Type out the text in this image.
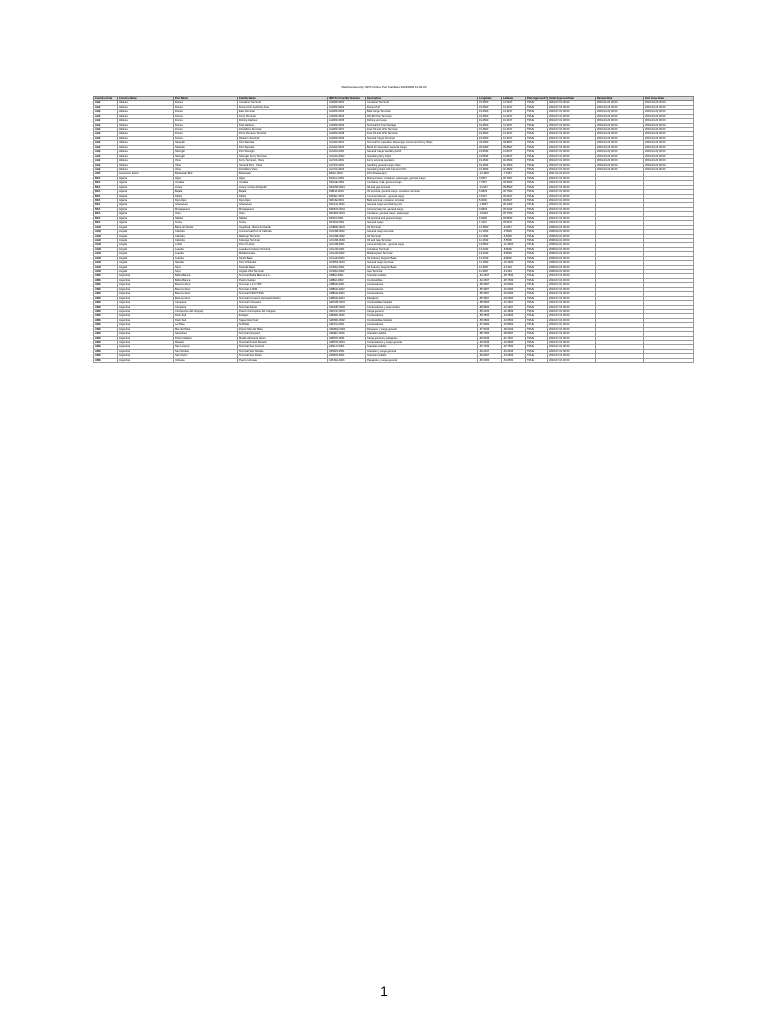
MaritimeSecurity ISPS Online Port Facilities 20220608 12:00:00
Country Code	Country Name	Port Name	Facility Name	IMO Port Facility Number	Description	Longitude	Latitude	Plan Approved?	Initial Approval Date	Review Date	SoC Issue Date
ALB	Albania	Durres	Container Terminal	ALDRZ-0001	Container Terminal	19.4500	41.3167	TRUE	2004-07-01 00:00	2019-03-24 00:00	2019-03-24 00:00
ALB	Albania	Durres	Durres Port Authority Area	ALDRZ-0002	Durres Port	19.4500	41.3167	TRUE	2004-07-01 00:00	2019-03-24 00:00	2019-03-24 00:00
ALB	Albania	Durres	East Terminal	ALDRZ-0003	Bulk Cargo Terminal	19.4500	41.3167	TRUE	2004-07-01 00:00	2019-03-24 00:00	2019-03-24 00:00
ALB	Albania	Durres	Ferry Terminal	ALDRZ-0004	RO-RO Pax Terminal	19.4500	41.3167	TRUE	2004-07-01 00:00	2019-03-24 00:00	2019-03-24 00:00
ALB	Albania	Durres	Fishing Harbour	ALDRZ-0005	Fishing port area	19.4500	41.3167	TRUE	2004-07-01 00:00	2019-03-24 00:00	2019-03-24 00:00
ALB	Albania	Durres	Fuel Harbour	ALDRZ-0006	Terminal for Fuel Storage	19.4500	41.3167	TRUE	2004-07-01 00:00	2019-03-24 00:00	2019-03-24 00:00
ALB	Albania	Durres	Petrolifera Terminal	ALDRZ-0007	Fuel Oil and LPG Terminal	19.4500	41.3167	TRUE	2004-07-01 00:00	2019-03-24 00:00	2019-03-24 00:00
ALB	Albania	Durres	Porto Romano Terminal	ALDRZ-0008	Fuel Oil and LPG Terminal	19.4500	41.3167	TRUE	2004-07-01 00:00	2019-03-24 00:00	2019-03-24 00:00
ALB	Albania	Durres	Western Terminal	ALDRZ-0009	General Cargo Terminal	19.4500	41.3167	TRUE	2004-07-01 00:00	2019-03-24 00:00	2019-03-24 00:00
ALB	Albania	Sarande	Port Sarande	ALSAR-0001	Terminal for operation Passenger Cruise and Ferry Ships	20.0000	39.8667	TRUE	2004-07-01 00:00	2019-03-24 00:00	2019-03-24 00:00
ALB	Albania	Sarande	Port Sarande	ALSAR-0002	Berth for Operation General Cargo	20.0000	39.8667	TRUE	2004-07-01 00:00	2019-03-24 00:00	2019-03-24 00:00
ALB	Albania	Shengjin	Port Shengjin	ALSHG-0001	General Cargo handling berth	19.5833	41.8167	TRUE	2004-07-01 00:00	2019-03-24 00:00	2019-03-24 00:00
ALB	Albania	Shengjin	Shengjin Ferry Terminal	ALSHG-0002	Operating ferry ships	19.5833	41.8167	TRUE	2004-07-01 00:00	2019-03-24 00:00	2019-03-24 00:00
ALB	Albania	Vlore	Ferry Terminal - Vlora	ALVOA-0001	Ferry terminal operation	19.4833	40.4500	TRUE	2004-07-01 00:00	2019-03-24 00:00	2019-03-24 00:00
ALB	Albania	Vlore	General Port - Vlora	ALVOA-0002	Handling general cargo ships	19.4833	40.4500	TRUE	2004-07-01 00:00	2019-03-24 00:00	2019-03-24 00:00
ALB	Albania	Vlore	Petrolifera Vlore	ALVOA-0003	Operating ships with fuel and LPG	19.4833	40.4500	TRUE	2004-07-01 00:00	2019-03-24 00:00	2019-03-24 00:00
ASC	Ascension Island	Boatswain Bird	Boatswain	BRAC-0001	Port (Passenger)	-14.3667	-7.9167	TRUE	2011-01-01 00:00		
DZA	Algeria	Alger	Alger	DZALG-0001	Multi-purpose: container, passenger, general cargo	3.0667	36.7667	TRUE	2004-07-01 00:00		
DZA	Algeria	Annaba	Annaba	DZAAE-0001	Container, bulk, general cargo	7.7667	36.9000	TRUE	2004-07-01 00:00		
DZA	Algeria	Arzew	Arzew / Arzew El Djedid	DZAZW-0001	Oil and gas terminal	-0.3167	35.8500	TRUE	2004-07-01 00:00		
DZA	Algeria	Bejaia	Bejaia	DZBJA-0001	Oil terminal, general cargo, container terminal	5.0833	36.7500	TRUE	2004-07-01 00:00		
DZA	Algeria	Dellys	Dellys	DZDEL-0001	Commercial port - general cargo	3.9167	36.9167	TRUE	2004-07-01 00:00		
DZA	Algeria	Djen-Djen	Djen-Djen	DZDJE-0001	Bulk terminal, container terminal	5.9000	36.8167	TRUE	2004-07-01 00:00		
DZA	Algeria	Ghazaouet	Ghazaouet	DZGHA-0001	General cargo and fishing port	-1.8667	35.1000	TRUE	2004-07-01 00:00		
DZA	Algeria	Mostaganem	Mostaganem	DZMOS-0001	Commercial port, general cargo	0.0833	35.9333	TRUE	2004-07-01 00:00		
DZA	Algeria	Oran	Oran	DZORN-0001	Container, general cargo, passenger	-0.6333	35.7000	TRUE	2004-07-01 00:00		
DZA	Algeria	Skikda	Skikda	DZSKI-0001	Oil terminal and general cargo	6.9000	36.8833	TRUE	2004-07-01 00:00		
DZA	Algeria	Tenes	Tenes	DZTEN-0001	General cargo	1.3167	36.5167	TRUE	2004-07-01 00:00		
AGO	Angola	Barra do Dande	Angolissa - Barra do Dande	AOBDD-0001	Oil Terminal	13.3500	-8.4667	TRUE	2008-02-01 00:00		
AGO	Angola	Cabinda	Commercial Port of Cabinda	AOCAB-0001	General cargo terminal	12.1833	-5.5500	TRUE	2008-02-01 00:00		
AGO	Angola	Cabinda	Malongo Terminal	AOCAB-0002	Oil Terminal	12.1833	-5.5500	TRUE	2008-02-01 00:00		
AGO	Angola	Cabinda	Kokongo Terminal	AOCAB-0003	Oil and Gas Terminal	12.1833	-5.5500	TRUE	2008-02-01 00:00		
AGO	Angola	Lobito	Port of Lobito	AOLOB-0001	Commercial port - general cargo	13.5500	-12.3500	TRUE	2008-02-01 00:00		
AGO	Angola	Luanda	Luanda Container Terminal	AOLAD-0001	Container Terminal	13.2333	-8.8000	TRUE	2008-02-01 00:00		
AGO	Angola	Luanda	Multiterminais	AOLAD-0002	Multipurpose Terminal	13.2333	-8.8000	TRUE	2008-02-01 00:00		
AGO	Angola	Luanda	Sonils Base	AOLAD-0003	Oil Industry Support Base	13.2333	-8.8000	TRUE	2008-02-01 00:00		
AGO	Angola	Namibe	Port of Namibe	AOMSZ-0001	General cargo terminal	12.1500	-15.2000	TRUE	2008-02-01 00:00		
AGO	Angola	Soyo	Kwanda Base	AOSZA-0001	Oil Industry Support Base	12.3667	-6.1333	TRUE	2008-02-01 00:00		
AGO	Angola	Soyo	Angola LNG Terminal	AOSZA-0002	Gas Terminal	12.3667	-6.1333	TRUE	2008-02-01 00:00		
ARG	Argentina	Bahia Blanca	Terminal Bahia Blanca S.A.	ARBHI-0001	Graneles solidos	-62.2667	-38.7833	TRUE	2004-07-01 00:00		
ARG	Argentina	Bahia Blanca	Puerto Galvan	ARBHI-0002	Combustibles	-62.2667	-38.7833	TRUE	2004-07-01 00:00		
ARG	Argentina	Buenos Aires	Terminal 1-2-3 TRP	ARBUE-0001	Contenedores	-58.3667	-34.6000	TRUE	2004-07-01 00:00		
ARG	Argentina	Buenos Aires	Terminal 4 APM	ARBUE-0002	Contenedores	-58.3667	-34.6000	TRUE	2004-07-01 00:00		
ARG	Argentina	Buenos Aires	Terminal 5 BACTSSA	ARBUE-0003	Contenedores	-58.3667	-34.6000	TRUE	2004-07-01 00:00		
ARG	Argentina	Buenos Aires	Terminal Cruceros Quinquela Martin	ARBUE-0004	Pasajeros	-58.3667	-34.6000	TRUE	2004-07-01 00:00		
ARG	Argentina	Campana	Terminal Campana	ARCMP-0001	Combustibles liquidos	-58.9500	-34.1667	TRUE	2004-07-01 00:00		
ARG	Argentina	Campana	Terminal Zarate	ARCMP-0002	Contenedores y automoviles	-58.9500	-34.1667	TRUE	2004-07-01 00:00		
ARG	Argentina	Concepcion del Uruguay	Puerto Concepcion del Uruguay	ARCOU-0001	Carga general	-58.2333	-32.4833	TRUE	2004-07-01 00:00		
ARG	Argentina	Dock Sud	Exolgan	ARDSD-0001	Contenedores	-58.3500	-34.6500	TRUE	2004-07-01 00:00		
ARG	Argentina	Dock Sud	Tagsa Dock Sud	ARDSD-0002	Combustibles liquidos	-58.3500	-34.6500	TRUE	2004-07-01 00:00		
ARG	Argentina	La Plata	TecPlata	ARLPG-0001	Contenedores	-57.9000	-34.8500	TRUE	2004-07-01 00:00		
ARG	Argentina	Mar del Plata	Puerto Mar del Plata	ARMDQ-0001	Pesquero y carga general	-57.5333	-38.0333	TRUE	2004-07-01 00:00		
ARG	Argentina	Necochea	Terminal Quequen	ARNEC-0001	Graneles solidos	-58.7000	-38.5667	TRUE	2004-07-01 00:00		
ARG	Argentina	Puerto Madryn	Muelle Almirante Storni	ARPMY-0001	Carga general y pasajeros	-65.0333	-42.7667	TRUE	2004-07-01 00:00		
ARG	Argentina	Rosario	Terminal Puerto Rosario	ARROS-0001	Contenedores y carga general	-60.6333	-32.9500	TRUE	2004-07-01 00:00		
ARG	Argentina	San Lorenzo	Terminal San Lorenzo	ARSLO-0001	Graneles solidos	-60.7333	-32.7500	TRUE	2004-07-01 00:00		
ARG	Argentina	San Nicolas	Terminal San Nicolas	ARSNS-0001	Graneles y carga general	-60.2167	-33.3333	TRUE	2004-07-01 00:00		
ARG	Argentina	San Pedro	Terminal San Pedro	ARSPD-0001	Graneles solidos	-59.6667	-33.6833	TRUE	2004-07-01 00:00		
ARG	Argentina	Ushuaia	Puerto Ushuaia	ARUSH-0001	Pasajeros y carga general	-68.3000	-54.8000	TRUE	2004-07-01 00:00		
1
